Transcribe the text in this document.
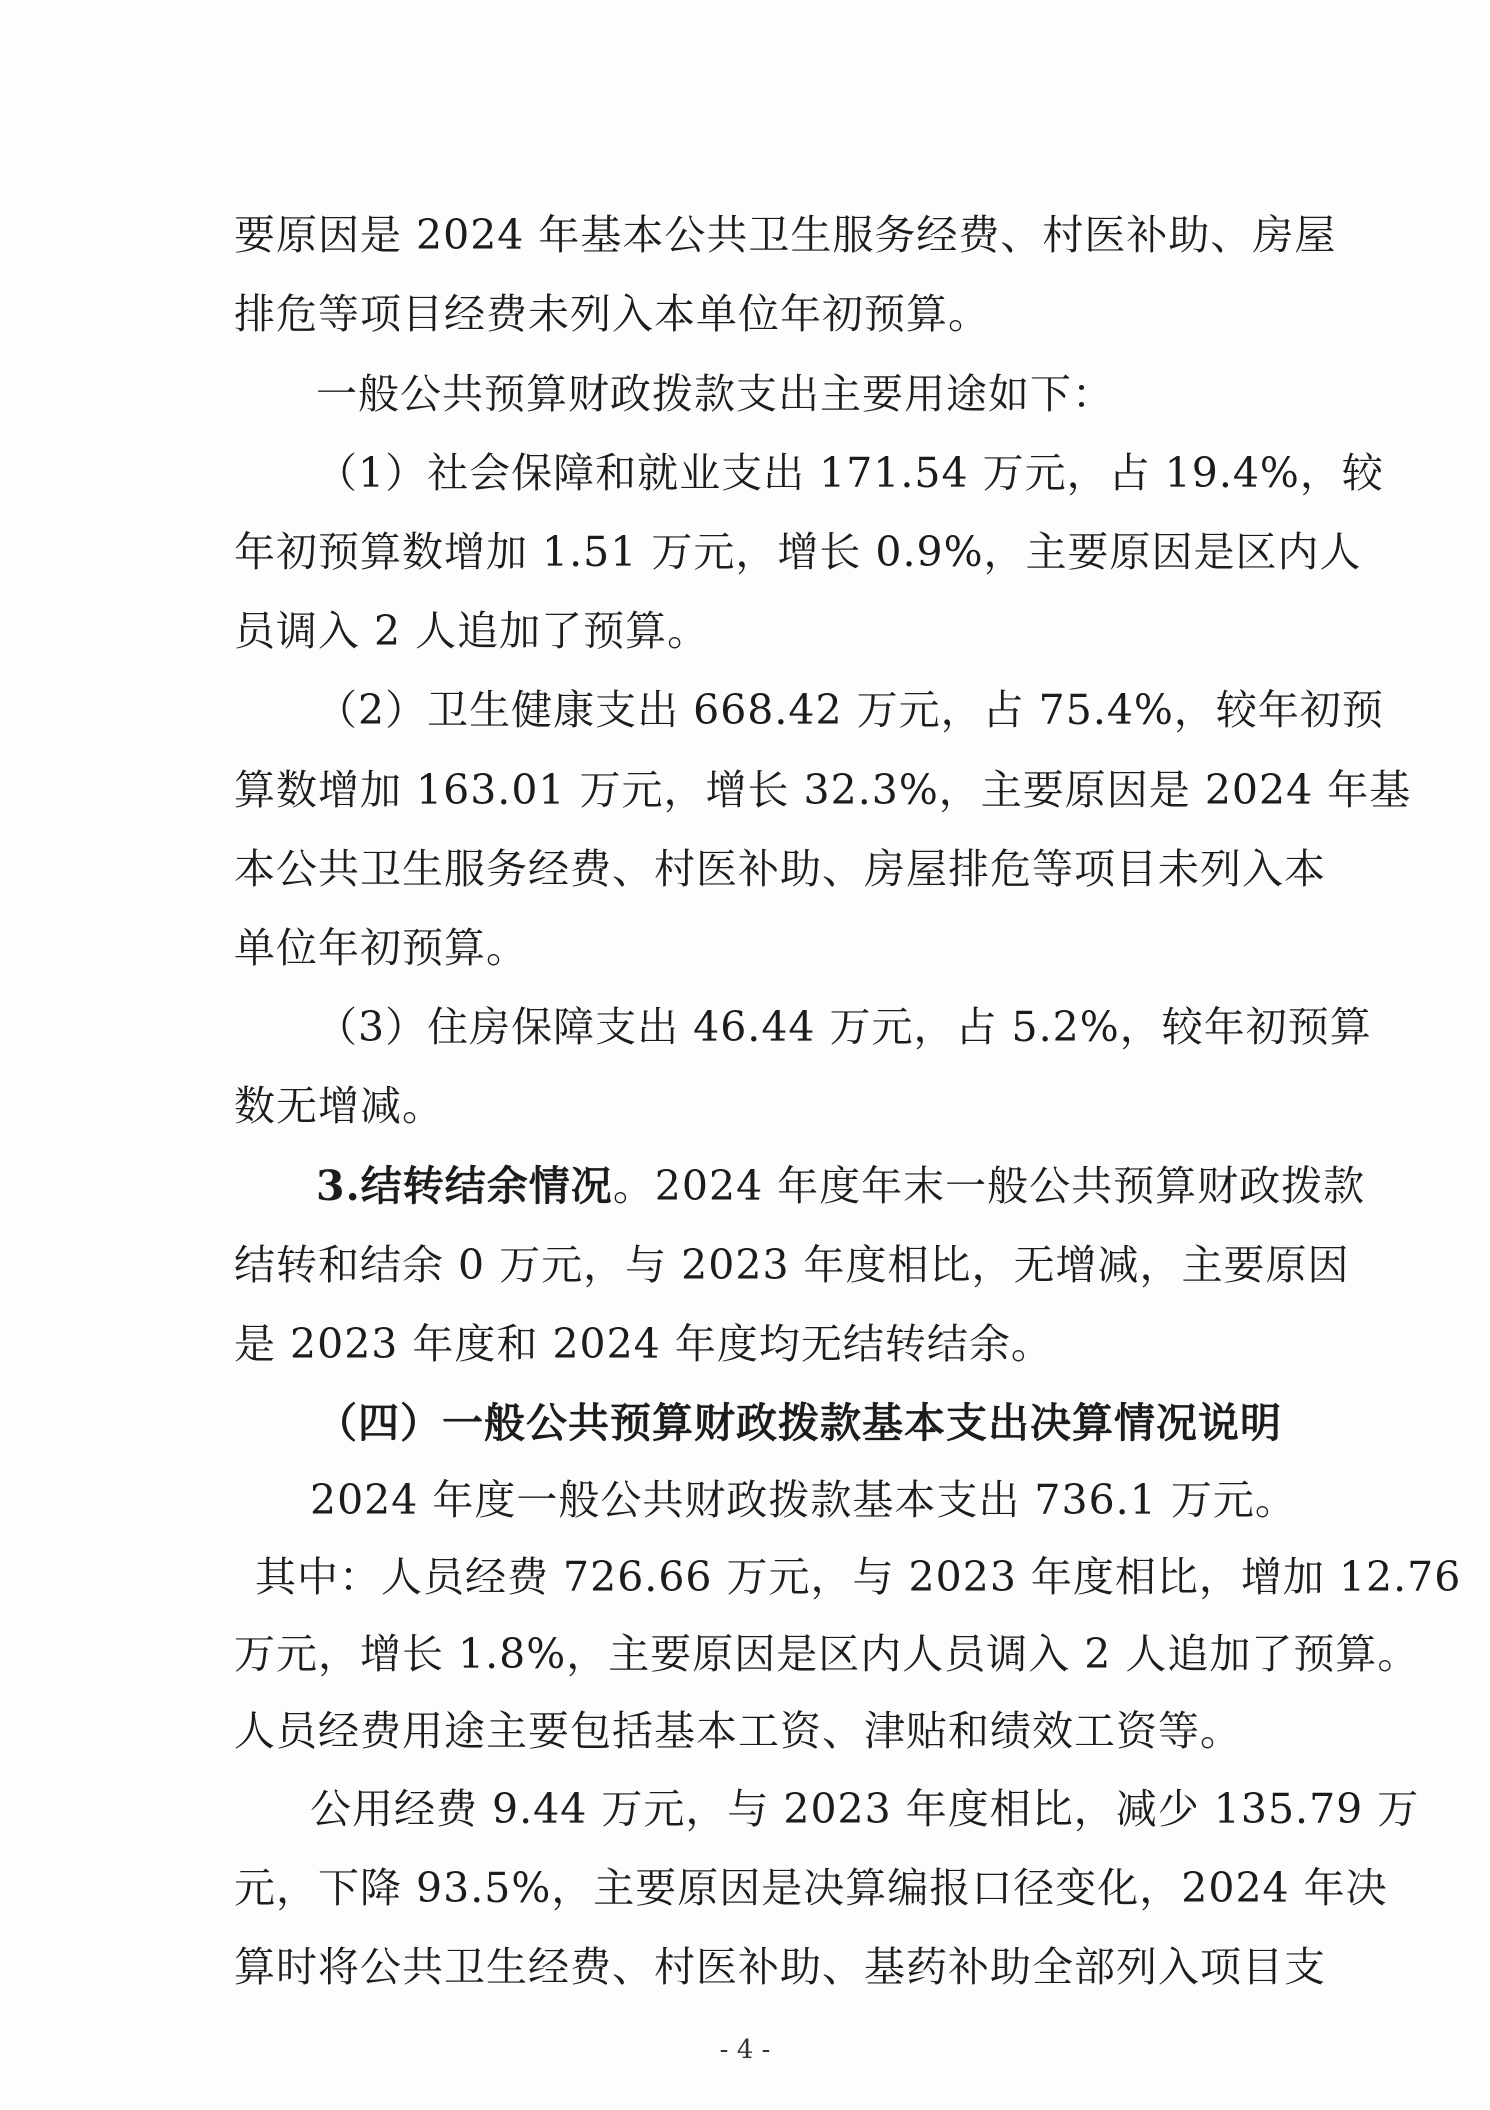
要原因是 2024 年基本公共卫生服务经费、村医补助、房屋
排危等项目经费未列入本单位年初预算。
一般公共预算财政拨款支出主要用途如下：
（1）社会保障和就业支出 171.54 万元，占 19.4%，较
年初预算数增加 1.51 万元，增长 0.9%，主要原因是区内人
员调入 2 人追加了预算。
（2）卫生健康支出 668.42 万元，占 75.4%，较年初预
算数增加 163.01 万元，增长 32.3%，主要原因是 2024 年基
本公共卫生服务经费、村医补助、房屋排危等项目未列入本
单位年初预算。
（3）住房保障支出 46.44 万元，占 5.2%，较年初预算
数无增减。
3.结转结余情况。2024 年度年末一般公共预算财政拨款
结转和结余 0 万元，与 2023 年度相比，无增减，主要原因
是 2023 年度和 2024 年度均无结转结余。
（四）一般公共预算财政拨款基本支出决算情况说明
2024 年度一般公共财政拨款基本支出 736.1 万元。
其中：人员经费 726.66 万元，与 2023 年度相比，增加 12.76
万元，增长 1.8%，主要原因是区内人员调入 2 人追加了预算。
人员经费用途主要包括基本工资、津贴和绩效工资等。
公用经费 9.44 万元，与 2023 年度相比，减少 135.79 万
元，下降 93.5%，主要原因是决算编报口径变化，2024 年决
算时将公共卫生经费、村医补助、基药补助全部列入项目支
- 4 -
